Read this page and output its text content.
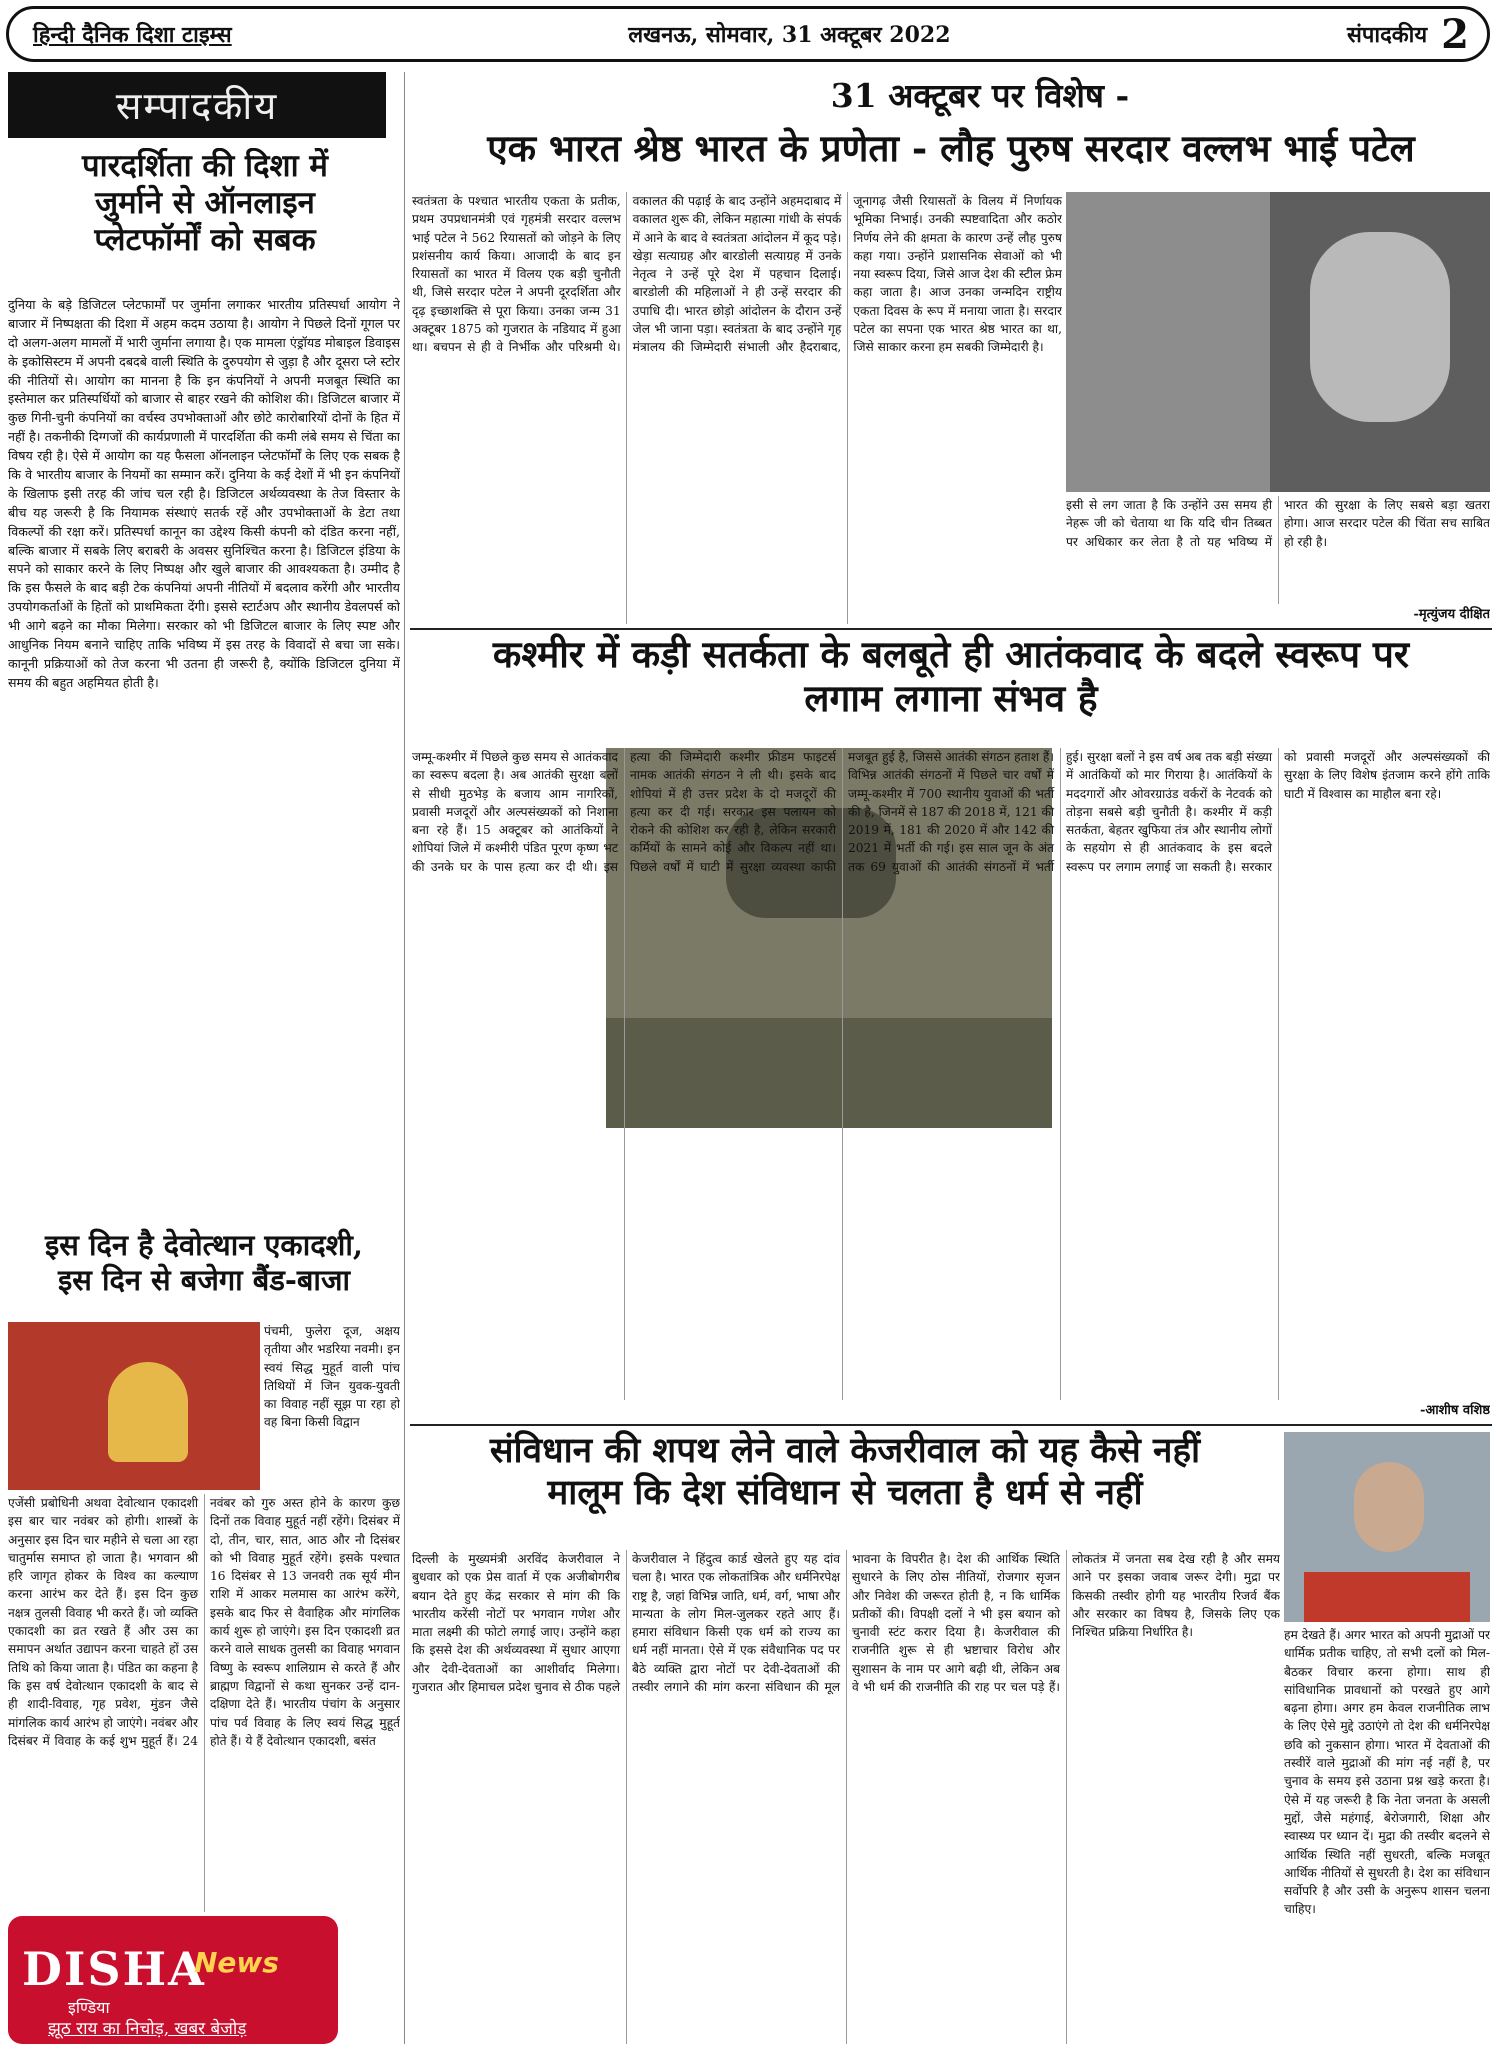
हिन्दी दैनिक दिशा टाइम्स	लखनऊ, सोमवार, 31 अक्टूबर 2022	संपादकीय 2
सम्पादकीय
पारदर्शिता की दिशा में
जुर्माने से ऑनलाइन
प्लेटफॉर्मों को सबक
दुनिया के बड़े डिजिटल प्लेटफार्मों पर जुर्माना लगाकर भारतीय प्रतिस्पर्धा आयोग ने बाजार में निष्पक्षता की दिशा में अहम कदम उठाया है। आयोग ने पिछले दिनों गूगल पर दो अलग-अलग मामलों में भारी जुर्माना लगाया है। एक मामला एंड्रॉयड मोबाइल डिवाइस के इकोसिस्टम में अपनी दबदबे वाली स्थिति के दुरुपयोग से जुड़ा है और दूसरा प्ले स्टोर की नीतियों से। आयोग का मानना है कि इन कंपनियों ने अपनी मजबूत स्थिति का इस्तेमाल कर प्रतिस्पर्धियों को बाजार से बाहर रखने की कोशिश की। डिजिटल बाजार में कुछ गिनी-चुनी कंपनियों का वर्चस्व उपभोक्ताओं और छोटे कारोबारियों दोनों के हित में नहीं है। तकनीकी दिग्गजों की कार्यप्रणाली में पारदर्शिता की कमी लंबे समय से चिंता का विषय रही है। ऐसे में आयोग का यह फैसला ऑनलाइन प्लेटफॉर्मों के लिए एक सबक है कि वे भारतीय बाजार के नियमों का सम्मान करें। दुनिया के कई देशों में भी इन कंपनियों के खिलाफ इसी तरह की जांच चल रही है। डिजिटल अर्थव्यवस्था के तेज विस्तार के बीच यह जरूरी है कि नियामक संस्थाएं सतर्क रहें और उपभोक्ताओं के डेटा तथा विकल्पों की रक्षा करें। प्रतिस्पर्धा कानून का उद्देश्य किसी कंपनी को दंडित करना नहीं, बल्कि बाजार में सबके लिए बराबरी के अवसर सुनिश्चित करना है। डिजिटल इंडिया के सपने को साकार करने के लिए निष्पक्ष और खुले बाजार की आवश्यकता है। उम्मीद है कि इस फैसले के बाद बड़ी टेक कंपनियां अपनी नीतियों में बदलाव करेंगी और भारतीय उपयोगकर्ताओं के हितों को प्राथमिकता देंगी। इससे स्टार्टअप और स्थानीय डेवलपर्स को भी आगे बढ़ने का मौका मिलेगा। सरकार को भी डिजिटल बाजार के लिए स्पष्ट और आधुनिक नियम बनाने चाहिए ताकि भविष्य में इस तरह के विवादों से बचा जा सके। कानूनी प्रक्रियाओं को तेज करना भी उतना ही जरूरी है, क्योंकि डिजिटल दुनिया में समय की बहुत अहमियत होती है।
31 अक्टूबर पर विशेष -
एक भारत श्रेष्ठ भारत के प्रणेता - लौह पुरुष सरदार वल्लभ भाई पटेल
स्वतंत्रता के पश्चात भारतीय एकता के प्रतीक, प्रथम उपप्रधानमंत्री एवं गृहमंत्री सरदार वल्लभ भाई पटेल ने 562 रियासतों को जोड़ने के लिए प्रशंसनीय कार्य किया। आजादी के बाद इन रियासतों का भारत में विलय एक बड़ी चुनौती थी, जिसे सरदार पटेल ने अपनी दूरदर्शिता और दृढ़ इच्छाशक्ति से पूरा किया। उनका जन्म 31 अक्टूबर 1875 को गुजरात के नडियाद में हुआ था। बचपन से ही वे निर्भीक और परिश्रमी थे। वकालत की पढ़ाई के बाद उन्होंने अहमदाबाद में वकालत शुरू की, लेकिन महात्मा गांधी के संपर्क में आने के बाद वे स्वतंत्रता आंदोलन में कूद पड़े। खेड़ा सत्याग्रह और बारडोली सत्याग्रह में उनके नेतृत्व ने उन्हें पूरे देश में पहचान दिलाई। बारडोली की महिलाओं ने ही उन्हें सरदार की उपाधि दी। भारत छोड़ो आंदोलन के दौरान उन्हें जेल भी जाना पड़ा। स्वतंत्रता के बाद उन्होंने गृह मंत्रालय की जिम्मेदारी संभाली और हैदराबाद, जूनागढ़ जैसी रियासतों के विलय में निर्णायक भूमिका निभाई। उनकी स्पष्टवादिता और कठोर निर्णय लेने की क्षमता के कारण उन्हें लौह पुरुष कहा गया। उन्होंने प्रशासनिक सेवाओं को भी नया स्वरूप दिया, जिसे आज देश की स्टील फ्रेम कहा जाता है। आज उनका जन्मदिन राष्ट्रीय एकता दिवस के रूप में मनाया जाता है। सरदार पटेल का सपना एक भारत श्रेष्ठ भारत का था, जिसे साकार करना हम सबकी जिम्मेदारी है।
इसी से लग जाता है कि उन्होंने उस समय ही नेहरू जी को चेताया था कि यदि चीन तिब्बत पर अधिकार कर लेता है तो यह भविष्य में भारत की सुरक्षा के लिए सबसे बड़ा खतरा होगा। आज सरदार पटेल की चिंता सच साबित हो रही है।
-मृत्युंजय दीक्षित
कश्मीर में कड़ी सतर्कता के बलबूते ही आतंकवाद के बदले स्वरूप पर
लगाम लगाना संभव है
जम्मू-कश्मीर में पिछले कुछ समय से आतंकवाद का स्वरूप बदला है। अब आतंकी सुरक्षा बलों से सीधी मुठभेड़ के बजाय आम नागरिकों, प्रवासी मजदूरों और अल्पसंख्यकों को निशाना बना रहे हैं। 15 अक्टूबर को आतंकियों ने शोपियां जिले में कश्मीरी पंडित पूरण कृष्ण भट की उनके घर के पास हत्या कर दी थी। इस हत्या की जिम्मेदारी कश्मीर फ्रीडम फाइटर्स नामक आतंकी संगठन ने ली थी। इसके बाद शोपियां में ही उत्तर प्रदेश के दो मजदूरों की हत्या कर दी गई। सरकार इस पलायन को रोकने की कोशिश कर रही है, लेकिन सरकारी कर्मियों के सामने कोई और विकल्प नहीं था। पिछले वर्षों में घाटी में सुरक्षा व्यवस्था काफी मजबूत हुई है, जिससे आतंकी संगठन हताश हैं। विभिन्न आतंकी संगठनों में पिछले चार वर्षों में जम्मू-कश्मीर में 700 स्थानीय युवाओं की भर्ती की है, जिनमें से 187 की 2018 में, 121 की 2019 में, 181 की 2020 में और 142 की 2021 में भर्ती की गई। इस साल जून के अंत तक 69 युवाओं की आतंकी संगठनों में भर्ती हुई। सुरक्षा बलों ने इस वर्ष अब तक बड़ी संख्या में आतंकियों को मार गिराया है। आतंकियों के मददगारों और ओवरग्राउंड वर्करों के नेटवर्क को तोड़ना सबसे बड़ी चुनौती है। कश्मीर में कड़ी सतर्कता, बेहतर खुफिया तंत्र और स्थानीय लोगों के सहयोग से ही आतंकवाद के इस बदले स्वरूप पर लगाम लगाई जा सकती है। सरकार को प्रवासी मजदूरों और अल्पसंख्यकों की सुरक्षा के लिए विशेष इंतजाम करने होंगे ताकि घाटी में विश्वास का माहौल बना रहे।
-आशीष वशिष्ठ
इस दिन है देवोत्थान एकादशी,
इस दिन से बजेगा बैंड-बाजा
पंचमी, फुलेरा दूज, अक्षय तृतीया और भडरिया नवमी। इन स्वयं सिद्ध मुहूर्त वाली पांच तिथियों में जिन युवक-युवती का विवाह नहीं सूझ पा रहा हो वह बिना किसी विद्वान
एजेंसी प्रबोधिनी अथवा देवोत्थान एकादशी इस बार चार नवंबर को होगी। शास्त्रों के अनुसार इस दिन चार महीने से चला आ रहा चातुर्मास समाप्त हो जाता है। भगवान श्री हरि जागृत होकर के विश्व का कल्याण करना आरंभ कर देते हैं। इस दिन कुछ नक्षत्र तुलसी विवाह भी करते हैं। जो व्यक्ति एकादशी का व्रत रखते हैं और उस का समापन अर्थात उद्यापन करना चाहते हों उस तिथि को किया जाता है। पंडित का कहना है कि इस वर्ष देवोत्थान एकादशी के बाद से ही शादी-विवाह, गृह प्रवेश, मुंडन जैसे मांगलिक कार्य आरंभ हो जाएंगे। नवंबर और दिसंबर में विवाह के कई शुभ मुहूर्त हैं। 24 नवंबर को गुरु अस्त होने के कारण कुछ दिनों तक विवाह मुहूर्त नहीं रहेंगे। दिसंबर में दो, तीन, चार, सात, आठ और नौ दिसंबर को भी विवाह मुहूर्त रहेंगे। इसके पश्चात 16 दिसंबर से 13 जनवरी तक सूर्य मीन राशि में आकर मलमास का आरंभ करेंगे, इसके बाद फिर से वैवाहिक और मांगलिक कार्य शुरू हो जाएंगे। इस दिन एकादशी व्रत करने वाले साधक तुलसी का विवाह भगवान विष्णु के स्वरूप शालिग्राम से करते हैं और ब्राह्मण विद्वानों से कथा सुनकर उन्हें दान-दक्षिणा देते हैं। भारतीय पंचांग के अनुसार पांच पर्व विवाह के लिए स्वयं सिद्ध मुहूर्त होते हैं। ये हैं देवोत्थान एकादशी, बसंत
DISHA
News
इण्डिया
झूठ राय का निचोड़, खबर बेजोड़
संविधान की शपथ लेने वाले केजरीवाल को यह कैसे नहीं
मालूम कि देश संविधान से चलता है धर्म से नहीं
दिल्ली के मुख्यमंत्री अरविंद केजरीवाल ने बुधवार को एक प्रेस वार्ता में एक अजीबोगरीब बयान देते हुए केंद्र सरकार से मांग की कि भारतीय करेंसी नोटों पर भगवान गणेश और माता लक्ष्मी की फोटो लगाई जाए। उन्होंने कहा कि इससे देश की अर्थव्यवस्था में सुधार आएगा और देवी-देवताओं का आशीर्वाद मिलेगा। गुजरात और हिमाचल प्रदेश चुनाव से ठीक पहले केजरीवाल ने हिंदुत्व कार्ड खेलते हुए यह दांव चला है। भारत एक लोकतांत्रिक और धर्मनिरपेक्ष राष्ट्र है, जहां विभिन्न जाति, धर्म, वर्ग, भाषा और मान्यता के लोग मिल-जुलकर रहते आए हैं। हमारा संविधान किसी एक धर्म को राज्य का धर्म नहीं मानता। ऐसे में एक संवैधानिक पद पर बैठे व्यक्ति द्वारा नोटों पर देवी-देवताओं की तस्वीर लगाने की मांग करना संविधान की मूल भावना के विपरीत है। देश की आर्थिक स्थिति सुधारने के लिए ठोस नीतियों, रोजगार सृजन और निवेश की जरूरत होती है, न कि धार्मिक प्रतीकों की। विपक्षी दलों ने भी इस बयान को चुनावी स्टंट करार दिया है। केजरीवाल की राजनीति शुरू से ही भ्रष्टाचार विरोध और सुशासन के नाम पर आगे बढ़ी थी, लेकिन अब वे भी धर्म की राजनीति की राह पर चल पड़े हैं। लोकतंत्र में जनता सब देख रही है और समय आने पर इसका जवाब जरूर देगी। मुद्रा पर किसकी तस्वीर होगी यह भारतीय रिजर्व बैंक और सरकार का विषय है, जिसके लिए एक निश्चित प्रक्रिया निर्धारित है।	हम देखते हैं। अगर भारत को अपनी मुद्राओं पर धार्मिक प्रतीक चाहिए, तो सभी दलों को मिल-बैठकर विचार करना होगा। साथ ही सांविधानिक प्रावधानों को परखते हुए आगे बढ़ना होगा। अगर हम केवल राजनीतिक लाभ के लिए ऐसे मुद्दे उठाएंगे तो देश की धर्मनिरपेक्ष छवि को नुकसान होगा। भारत में देवताओं की तस्वीरें वाले मुद्राओं की मांग नई नहीं है, पर चुनाव के समय इसे उठाना प्रश्न खड़े करता है। ऐसे में यह जरूरी है कि नेता जनता के असली मुद्दों, जैसे महंगाई, बेरोजगारी, शिक्षा और स्वास्थ्य पर ध्यान दें। मुद्रा की तस्वीर बदलने से आर्थिक स्थिति नहीं सुधरती, बल्कि मजबूत आर्थिक नीतियों से सुधरती है। देश का संविधान सर्वोपरि है और उसी के अनुरूप शासन चलना चाहिए।
